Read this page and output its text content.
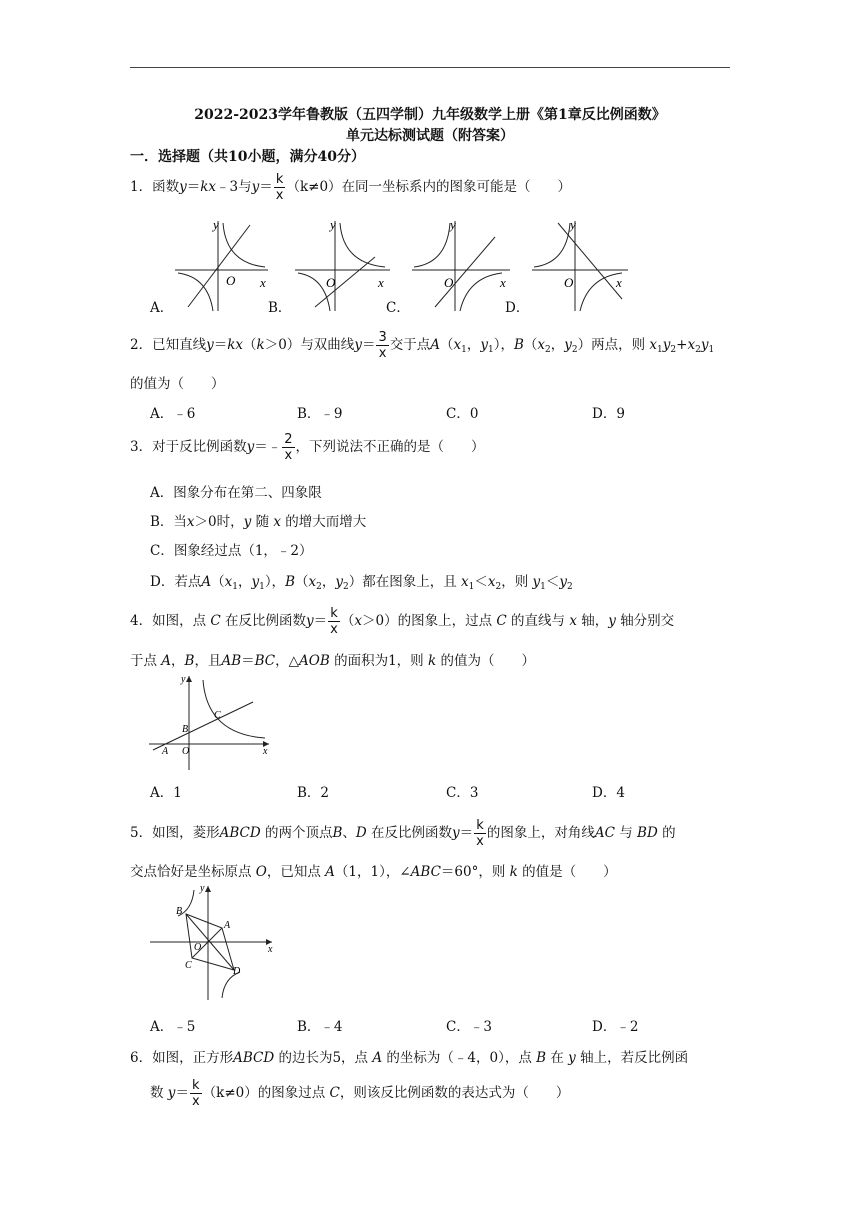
2022-2023学年鲁教版（五四学制）九年级数学上册《第1章反比例函数》
单元达标测试题（附答案）
一．选择题（共10小题，满分40分）
1．函数y＝kx﹣3与$y= \frac{k}{x} (k\ne 0)$在同一坐标系内的图象可能是（　　）
y
x
O
y
x
O
y
x
O
y
x
O
A．	B．	C．	D．
2．已知直线y＝kx（k＞0）与双曲线$y= \frac{3}{x}$ 交于点$A(x_1$，$y_1$），$B(x_2$，$y_2$）两点，则 $x_1y_2+x_2y_1$
的值为（　　）
A．﹣6	B．﹣9	C．0	D．9
3．对于反比例函数y＝﹣ $\frac{2}{x}$ ，下列说法不正确的是（　　）
A．图象分布在第二、四象限
B．当x＞0时，y 随 x 的增大而增大
C．图象经过点（1，﹣2）
D．若点$A(x_1$，$y_1$），$B(x_2$，$y_2$）都在图象上，且 $x_1<x_2$，则 $y_1<y_2$
4．如图，点 C 在反比例函数$y= \frac{k}{x} (x>0)$的图象上，过点 C 的直线与 x 轴，y 轴分别交
于点 A，B，且AB＝BC，△AOB 的面积为1，则 k 的值为（　　）
y
x
A
B
O
C
A．1	B．2	C．3	D．4
5．如图，菱形ABCD 的两个顶点B、D 在反比例函数$y= \frac{k}{x}$ 的图象上，对角线AC 与 BD 的
交点恰好是坐标原点 O，已知点 A（1，1），∠ABC＝60°，则 k 的值是（　　）
y
x
B
A
O
C
D
A．﹣5	B．﹣4	C．﹣3	D．﹣2
6．如图，正方形ABCD 的边长为5，点 A 的坐标为（﹣4，0），点 B 在 y 轴上，若反比例函
数 $y= \frac{k}{x} (k\ne 0)$的图象过点 C，则该反比例函数的表达式为（　　）
